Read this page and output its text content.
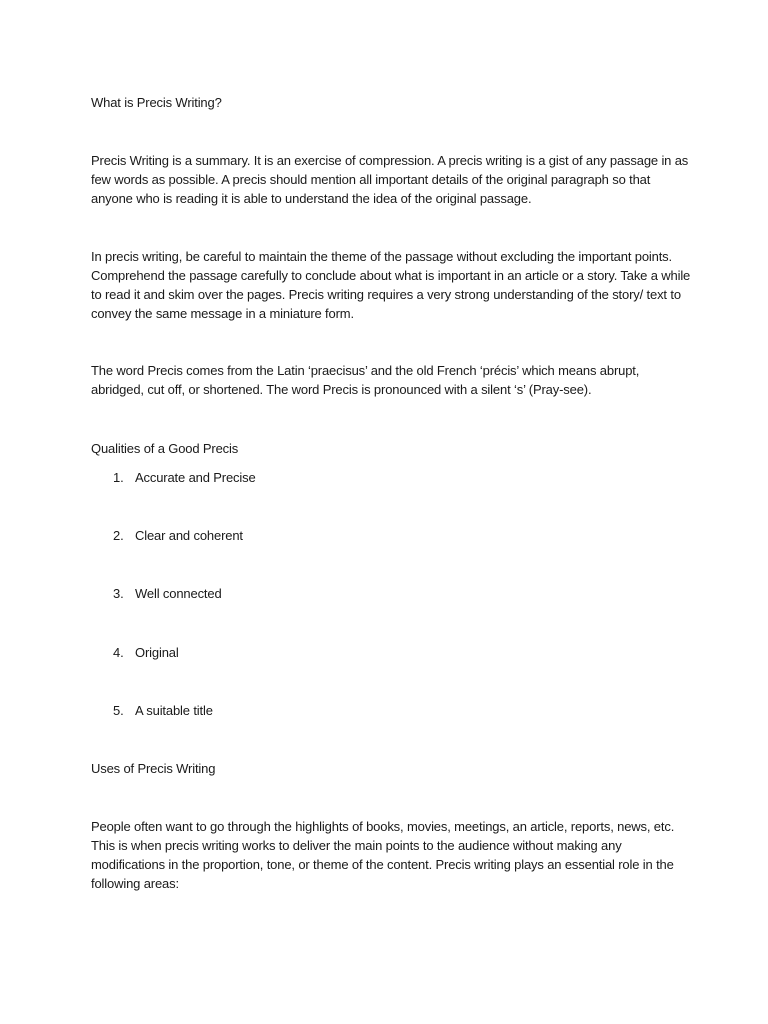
What is Precis Writing?

Precis Writing is a summary. It is an exercise of compression. A precis writing is a gist of any passage in as few words as possible. A precis should mention all important details of the original paragraph so that anyone who is reading it is able to understand the idea of the original passage.

In precis writing, be careful to maintain the theme of the passage without excluding the important points. Comprehend the passage carefully to conclude about what is important in an article or a story. Take a while to read it and skim over the pages. Precis writing requires a very strong understanding of the story/ text to convey the same message in a miniature form.

The word Precis comes from the Latin ‘praecisus’ and the old French ‘précis’ which means abrupt, abridged, cut off, or shortened. The word Precis is pronounced with a silent ‘s’ (Pray-see).

Qualities of a Good Precis

1. Accurate and Precise

2. Clear and coherent

3. Well connected

4. Original

5. A suitable title

Uses of Precis Writing

People often want to go through the highlights of books, movies, meetings, an article, reports, news, etc. This is when precis writing works to deliver the main points to the audience without making any modifications in the proportion, tone, or theme of the content. Precis writing plays an essential role in the following areas:
